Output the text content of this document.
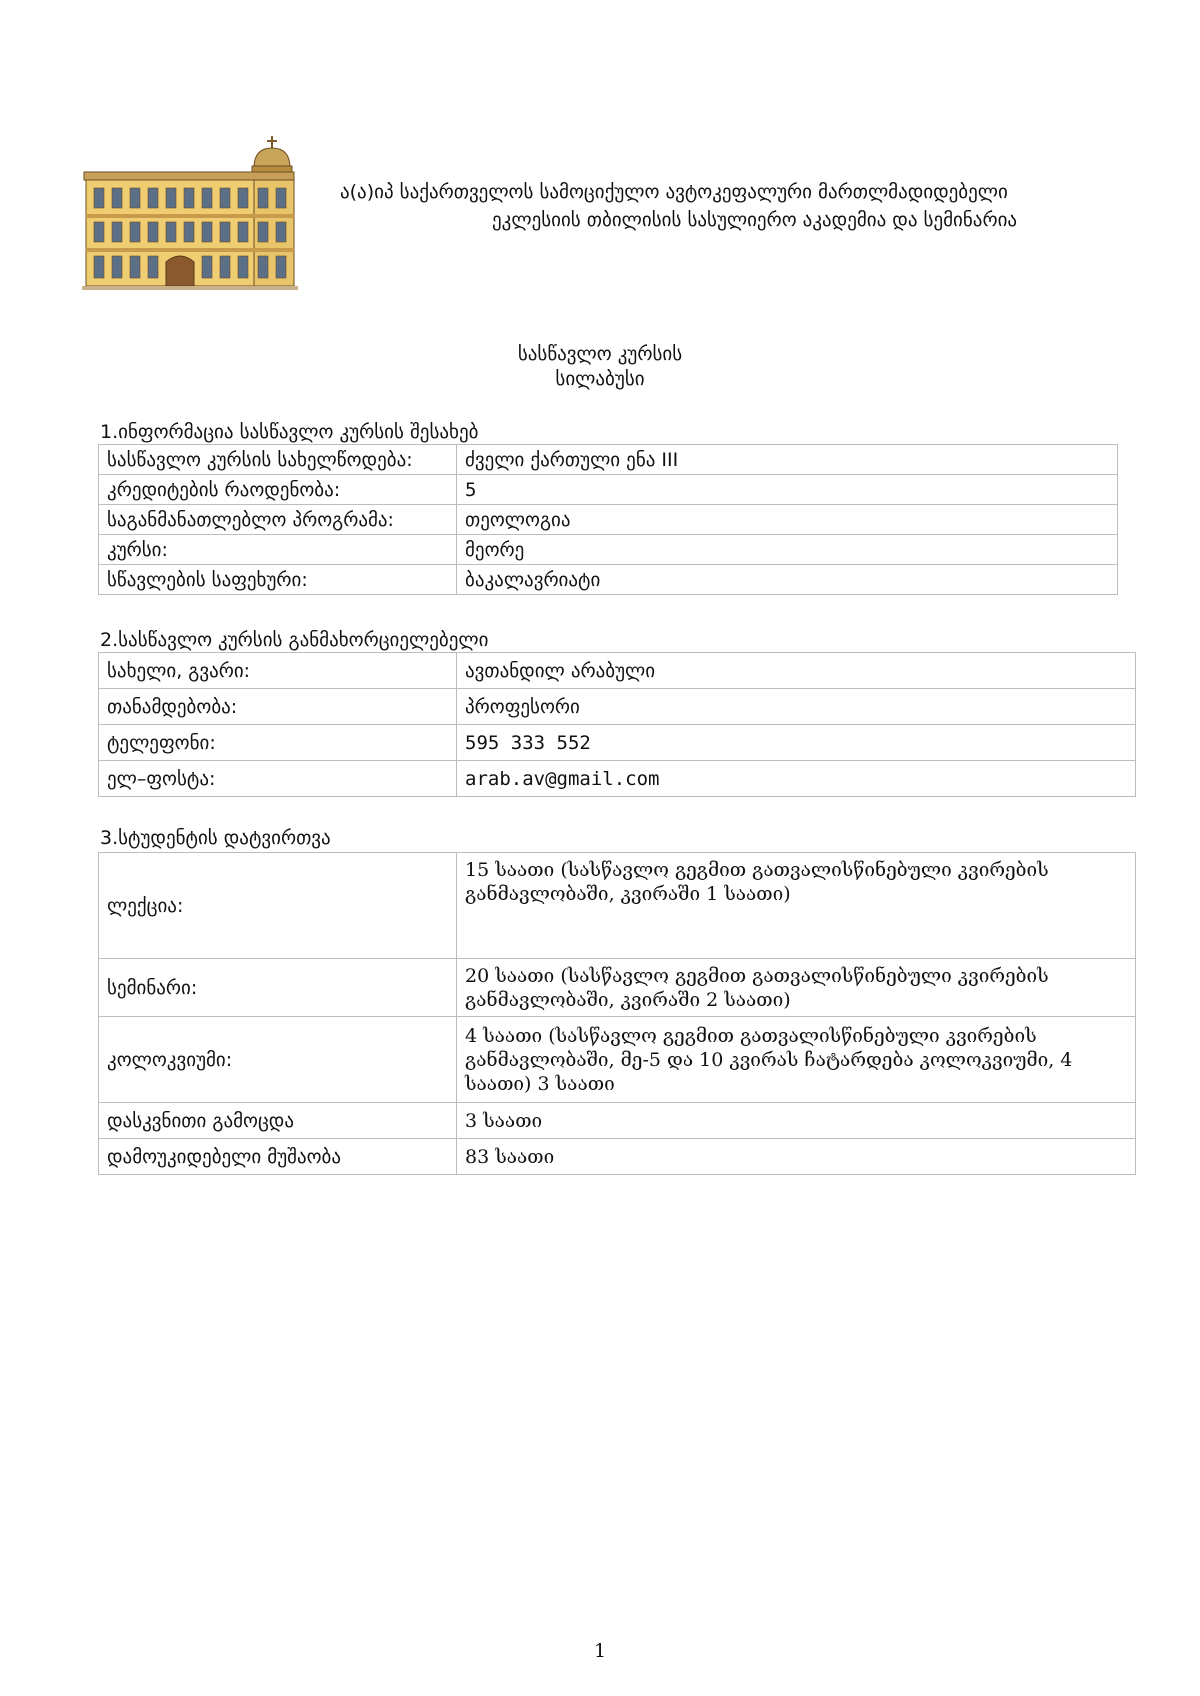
ა(ა)იპ საქართველოს სამოციქულო ავტოკეფალური მართლმადიდებელი
ეკლესიის თბილისის სასულიერო აკადემია და სემინარია
სასწავლო კურსის
სილაბუსი
1.ინფორმაცია სასწავლო კურსის შესახებ
სასწავლო კურსის სახელწოდება:	ძველი ქართული ენა III
კრედიტების რაოდენობა:	5
საგანმანათლებლო პროგრამა:	თეოლოგია
კურსი:	მეორე
სწავლების საფეხური:	ბაკალავრიატი
2.სასწავლო კურსის განმახორციელებელი
სახელი, გვარი:	ავთანდილ არაბული
თანამდებობა:	პროფესორი
ტელეფონი:	595 333 552
ელ–ფოსტა:	arab.av@gmail.com
3.სტუდენტის დატვირთვა
ლექცია:	15 საათი (სასწავლო გეგმით გათვალისწინებული კვირების განმავლობაში, კვირაში 1 საათი)
სემინარი:	20 საათი (სასწავლო გეგმით გათვალისწინებული კვირების განმავლობაში, კვირაში 2 საათი)
კოლოკვიუმი:	4 საათი (სასწავლო გეგმით გათვალისწინებული კვირების განმავლობაში, მე-5 და 10 კვირას ჩატარდება კოლოკვიუმი, 4 საათი) 3 საათი
დასკვნითი გამოცდა	3 საათი
დამოუკიდებელი მუშაობა	83 საათი
1
